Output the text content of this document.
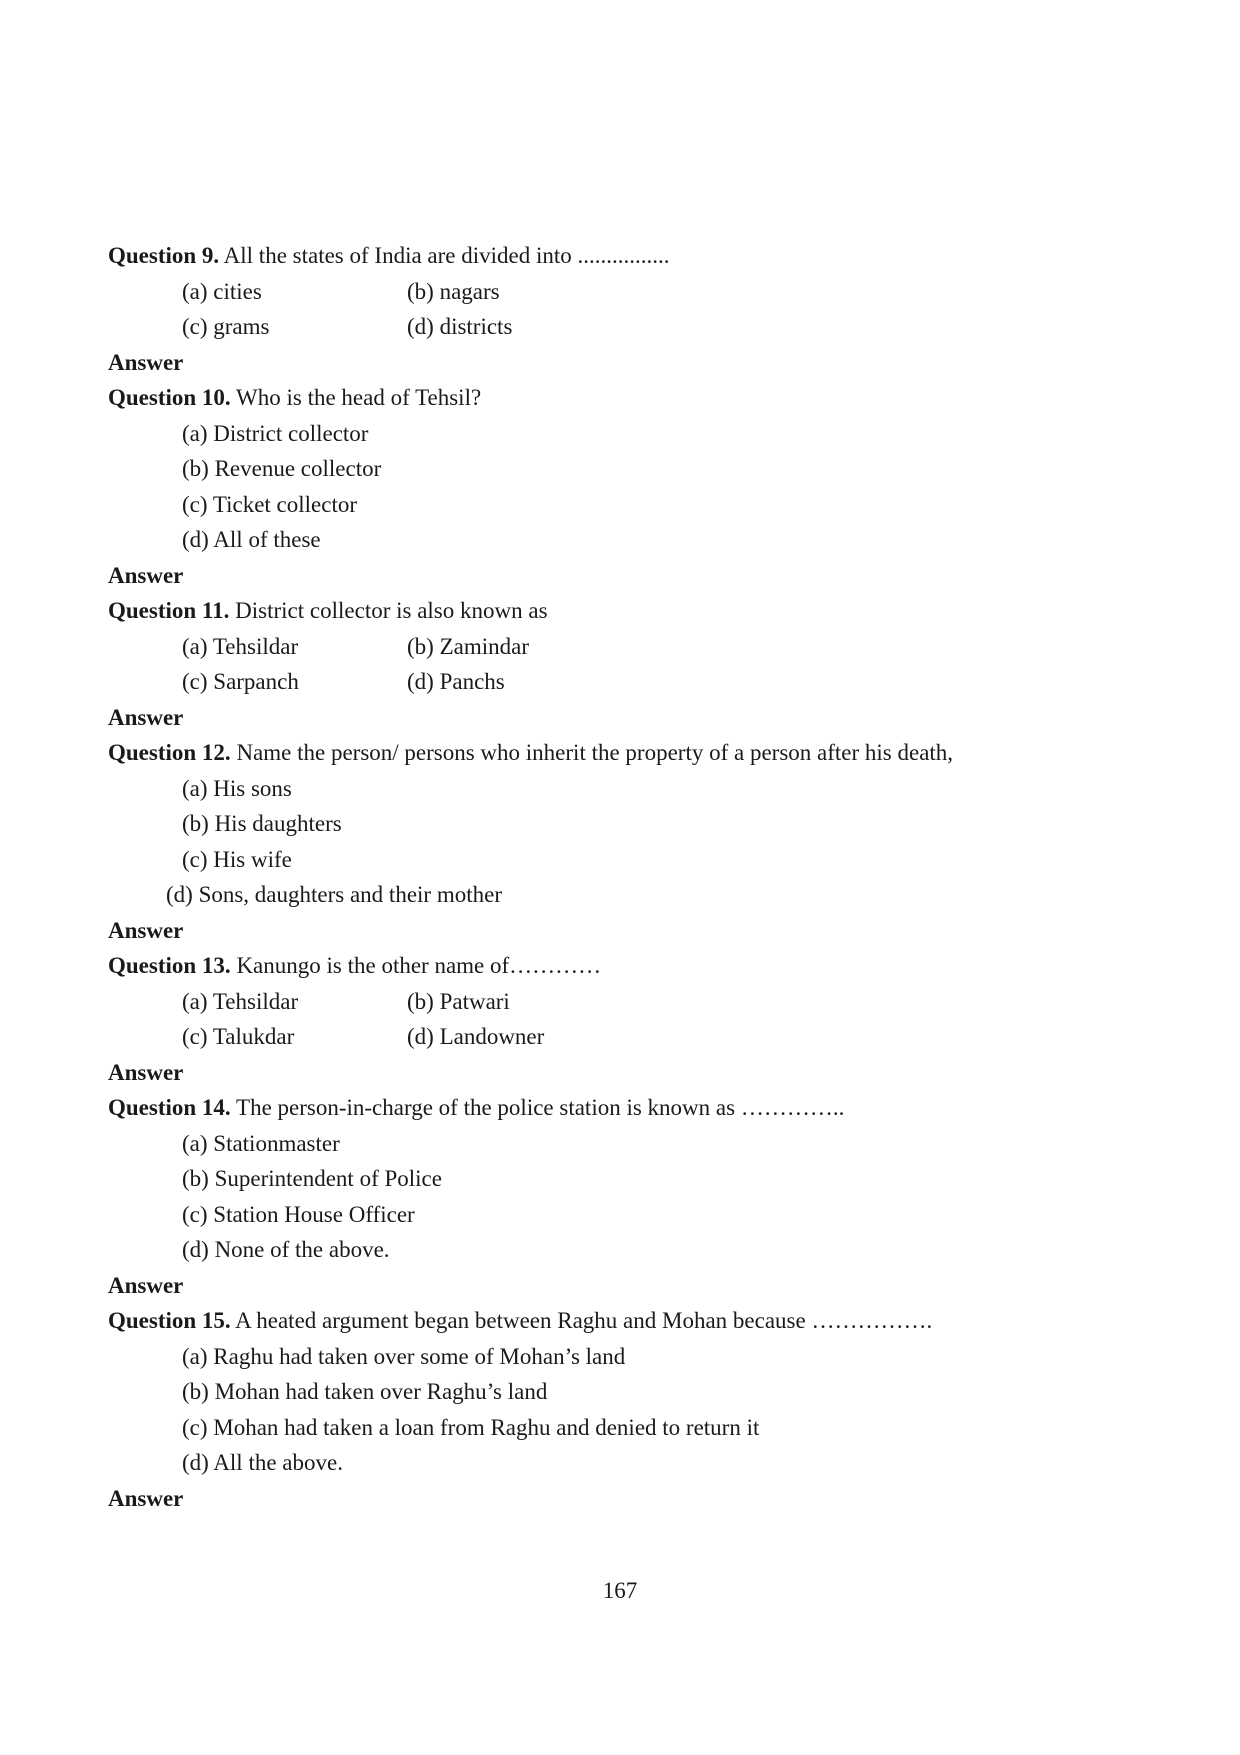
Question 9. All the states of India are divided into ................
(a) cities	(b) nagars
(c) grams	(d) districts
Answer
Question 10. Who is the head of Tehsil?
(a) District collector
(b) Revenue collector
(c) Ticket collector
(d) All of these
Answer
Question 11. District collector is also known as
(a) Tehsildar	(b) Zamindar
(c) Sarpanch	(d) Panchs
Answer
Question 12. Name the person/ persons who inherit the property of a person after his death,
(a) His sons
(b) His daughters
(c) His wife
(d) Sons, daughters and their mother
Answer
Question 13. Kanungo is the other name of…………
(a) Tehsildar	(b) Patwari
(c) Talukdar	(d) Landowner
Answer
Question 14. The person-in-charge of the police station is known as …………..
(a) Stationmaster
(b) Superintendent of Police
(c) Station House Officer
(d) None of the above.
Answer
Question 15. A heated argument began between Raghu and Mohan because …………….
(a) Raghu had taken over some of Mohan’s land
(b) Mohan had taken over Raghu’s land
(c) Mohan had taken a loan from Raghu and denied to return it
(d) All the above.
Answer
167
